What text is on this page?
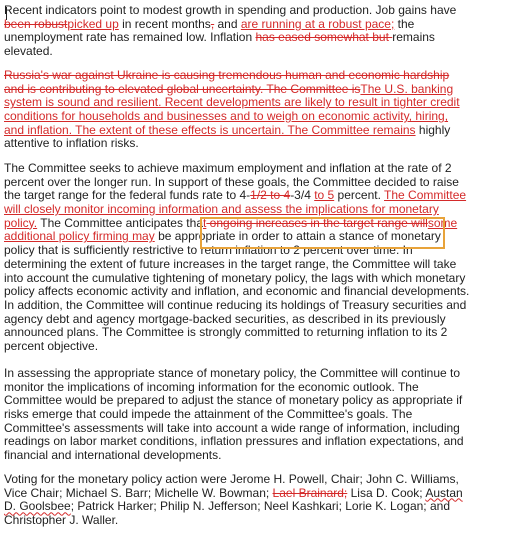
Recent indicators point to modest growth in spending and production. Job gains have
been robustpicked up in recent months, and are running at a robust pace; the
unemployment rate has remained low. Inflation has eased somewhat but remains
elevated.
Russia's war against Ukraine is causing tremendous human and economic hardship
and is contributing to elevated global uncertainty. The Committee isThe U.S. banking
system is sound and resilient. Recent developments are likely to result in tighter credit
conditions for households and businesses and to weigh on economic activity, hiring,
and inflation. The extent of these effects is uncertain. The Committee remains highly
attentive to inflation risks.
The Committee seeks to achieve maximum employment and inflation at the rate of 2
percent over the longer run. In support of these goals, the Committee decided to raise
the target range for the federal funds rate to 4-1/2 to 4-3/4 to 5 percent. The Committee
will closely monitor incoming information and assess the implications for monetary
policy. The Committee anticipates that ongoing increases in the target range willsome
additional policy firming may be appropriate in order to attain a stance of monetary
policy that is sufficiently restrictive to return inflation to 2 percent over time. In
determining the extent of future increases in the target range, the Committee will take
into account the cumulative tightening of monetary policy, the lags with which monetary
policy affects economic activity and inflation, and economic and financial developments.
In addition, the Committee will continue reducing its holdings of Treasury securities and
agency debt and agency mortgage-backed securities, as described in its previously
announced plans. The Committee is strongly committed to returning inflation to its 2
percent objective.
In assessing the appropriate stance of monetary policy, the Committee will continue to
monitor the implications of incoming information for the economic outlook. The
Committee would be prepared to adjust the stance of monetary policy as appropriate if
risks emerge that could impede the attainment of the Committee's goals. The
Committee's assessments will take into account a wide range of information, including
readings on labor market conditions, inflation pressures and inflation expectations, and
financial and international developments.
Voting for the monetary policy action were Jerome H. Powell, Chair; John C. Williams,
Vice Chair; Michael S. Barr; Michelle W. Bowman; Lael Brainard; Lisa D. Cook; Austan
D. Goolsbee; Patrick Harker; Philip N. Jefferson; Neel Kashkari; Lorie K. Logan; and
Christopher J. Waller.
